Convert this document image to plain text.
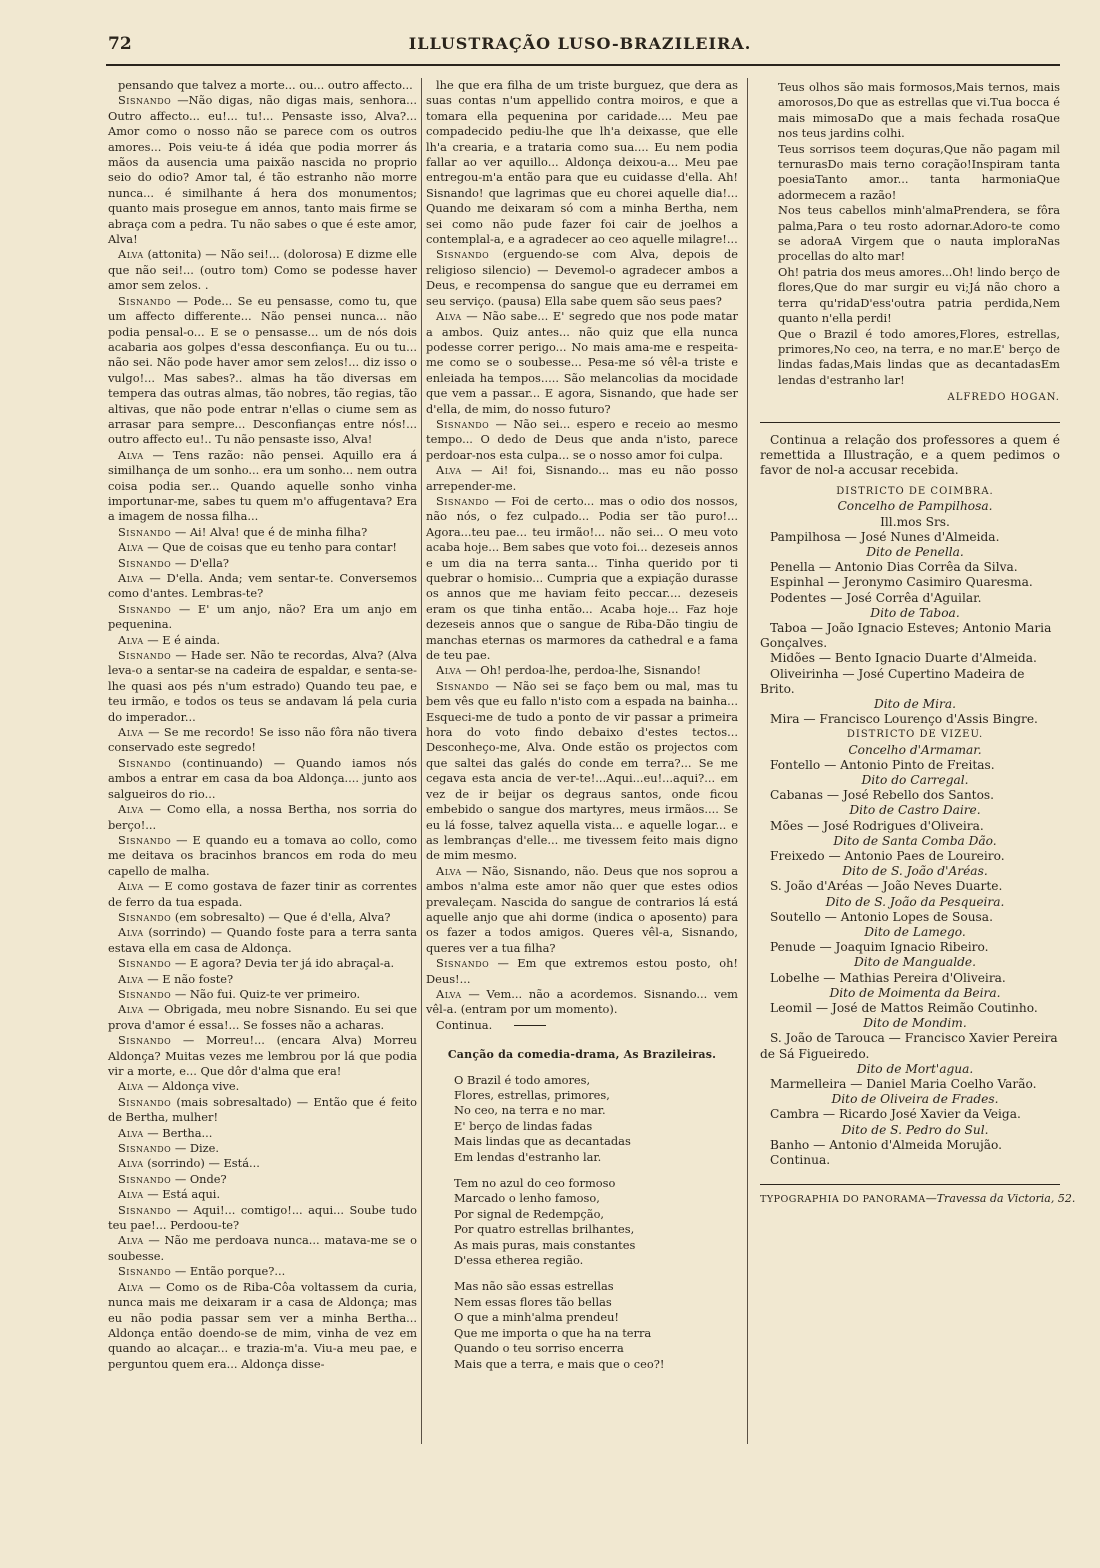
72	ILLUSTRAÇÃO LUSO-BRAZILEIRA.

pensando que talvez a morte... ou... outro affecto...

Sisnando —Não digas, não digas mais, senhora... Outro affecto... eu!... tu!... Pensaste isso, Alva?... Amor como o nosso não se parece com os outros amores... Pois veiu-te á idéa que podia morrer ás mãos da ausencia uma paixão nascida no proprio seio do odio? Amor tal, é tão estranho não morre nunca... é similhante á hera dos monumentos; quanto mais prosegue em annos, tanto mais firme se abraça com a pedra. Tu não sabes o que é este amor, Alva!

Alva (attonita) — Não sei!... (dolorosa) E dizme elle que não sei!... (outro tom) Como se podesse haver amor sem zelos. .

Sisnando — Pode... Se eu pensasse, como tu, que um affecto differente... Não pensei nunca... não podia pensal-o... E se o pensasse... um de nós dois acabaria aos golpes d'essa desconfiança. Eu ou tu... não sei. Não pode haver amor sem zelos!... diz isso o vulgo!... Mas sabes?.. almas ha tão diversas em tempera das outras almas, tão nobres, tão regias, tão altivas, que não pode entrar n'ellas o ciume sem as arrasar para sempre... Desconfianças entre nós!... outro affecto eu!.. Tu não pensaste isso, Alva!

Alva — Tens razão: não pensei. Aquillo era á similhança de um sonho... era um sonho... nem outra coisa podia ser... Quando aquelle sonho vinha importunar-me, sabes tu quem m'o affugentava? Era a imagem de nossa filha...

Sisnando — Ai! Alva! que é de minha filha?

Alva — Que de coisas que eu tenho para contar!

Sisnando — D'ella?

Alva — D'ella. Anda; vem sentar-te. Conversemos como d'antes. Lembras-te?

Sisnando — E' um anjo, não? Era um anjo em pequenina.

Alva — E é ainda.

Sisnando — Hade ser. Não te recordas, Alva? (Alva leva-o a sentar-se na cadeira de espaldar, e senta-se-lhe quasi aos pés n'um estrado) Quando teu pae, e teu irmão, e todos os teus se andavam lá pela curia do imperador...

Alva — Se me recordo! Se isso não fôra não tivera conservado este segredo!

Sisnando (continuando) — Quando iamos nós ambos a entrar em casa da boa Aldonça.... junto aos salgueiros do rio...

Alva — Como ella, a nossa Bertha, nos sorria do berço!...

Sisnando — E quando eu a tomava ao collo, como me deitava os bracinhos brancos em roda do meu capello de malha.

Alva — E como gostava de fazer tinir as correntes de ferro da tua espada.

Sisnando (em sobresalto) — Que é d'ella, Alva?

Alva (sorrindo) — Quando foste para a terra santa estava ella em casa de Aldonça.

Sisnando — E agora? Devia ter já ido abraçal-a.

Alva — E não foste?

Sisnando — Não fui. Quiz-te ver primeiro.

Alva — Obrigada, meu nobre Sisnando. Eu sei que prova d'amor é essa!... Se fosses não a acharas.

Sisnando — Morreu!... (encara Alva) Morreu Aldonça? Muitas vezes me lembrou por lá que podia vir a morte, e... Que dôr d'alma que era!

Alva — Aldonça vive.

Sisnando (mais sobresaltado) — Então que é feito de Bertha, mulher!

Alva — Bertha...

Sisnando — Dize.

Alva (sorrindo) — Está...

Sisnando — Onde?

Alva — Está aqui.

Sisnando — Aqui!... comtigo!... aqui... Soube tudo teu pae!... Perdoou-te?

Alva — Não me perdoava nunca... matava-me se o soubesse.

Sisnando — Então porque?...

Alva — Como os de Riba-Côa voltassem da curia, nunca mais me deixaram ir a casa de Aldonça; mas eu não podia passar sem ver a minha Bertha... Aldonça então doendo-se de mim, vinha de vez em quando ao alcaçar... e trazia-m'a. Viu-a meu pae, e perguntou quem era... Aldonça disse-

lhe que era filha de um triste burguez, que dera as suas contas n'um appellido contra moiros, e que a tomara ella pequenina por caridade.... Meu pae compadecido pediu-lhe que lh'a deixasse, que elle lh'a crearia, e a trataria como sua.... Eu nem podia fallar ao ver aquillo... Aldonça deixou-a... Meu pae entregou-m'a então para que eu cuidasse d'ella. Ah! Sisnando! que lagrimas que eu chorei aquelle dia!... Quando me deixaram só com a minha Bertha, nem sei como não pude fazer foi cair de joelhos a contemplal-a, e a agradecer ao ceo aquelle milagre!...

Sisnando (erguendo-se com Alva, depois de religioso silencio) — Devemol-o agradecer ambos a Deus, e recompensa do sangue que eu derramei em seu serviço. (pausa) Ella sabe quem são seus paes?

Alva — Não sabe... E' segredo que nos pode matar a ambos. Quiz antes... não quiz que ella nunca podesse correr perigo... No mais ama-me e respeita-me como se o soubesse... Pesa-me só vêl-a triste e enleiada ha tempos..... São melancolias da mocidade que vem a passar... E agora, Sisnando, que hade ser d'ella, de mim, do nosso futuro?

Sisnando — Não sei... espero e receio ao mesmo tempo... O dedo de Deus que anda n'isto, parece perdoar-nos esta culpa... se o nosso amor foi culpa.

Alva — Ai! foi, Sisnando... mas eu não posso arrepender-me.

Sisnando — Foi de certo... mas o odio dos nossos, não nós, o fez culpado... Podia ser tão puro!... Agora...teu pae... teu irmão!... não sei... O meu voto acaba hoje... Bem sabes que voto foi... dezeseis annos e um dia na terra santa... Tinha querido por ti quebrar o homisio... Cumpria que a expiação durasse os annos que me haviam feito peccar.... dezeseis eram os que tinha então... Acaba hoje... Faz hoje dezeseis annos que o sangue de Riba-Dão tingiu de manchas eternas os marmores da cathedral e a fama de teu pae.

Alva — Oh! perdoa-lhe, perdoa-lhe, Sisnando!

Sisnando — Não sei se faço bem ou mal, mas tu bem vês que eu fallo n'isto com a espada na bainha... Esqueci-me de tudo a ponto de vir passar a primeira hora do voto findo debaixo d'estes tectos... Desconheço-me, Alva. Onde estão os projectos com que saltei das galés do conde em terra?... Se me cegava esta ancia de ver-te!...Aqui...eu!...aqui?... em vez de ir beijar os degraus santos, onde ficou embebido o sangue dos martyres, meus irmãos.... Se eu lá fosse, talvez aquella vista... e aquelle logar... e as lembranças d'elle... me tivessem feito mais digno de mim mesmo.

Alva — Não, Sisnando, não. Deus que nos soprou a ambos n'alma este amor não quer que estes odios prevaleçam. Nascida do sangue de contrarios lá está aquelle anjo que ahi dorme (indica o aposento) para os fazer a todos amigos. Queres vêl-a, Sisnando, queres ver a tua filha?

Sisnando — Em que extremos estou posto, oh! Deus!...

Alva — Vem... não a acordemos. Sisnando... vem vêl-a. (entram por um momento).

Continua.

Canção da comedia-drama, As Brazileiras.
O Brazil é todo amores,
Flores, estrellas, primores,
No ceo, na terra e no mar.
E' berço de lindas fadas
Mais lindas que as decantadas
Em lendas d'estranho lar.
Tem no azul do ceo formoso
Marcado o lenho famoso,
Por signal de Redempção,
Por quatro estrellas brilhantes,
As mais puras, mais constantes
D'essa etherea região.
Mas não são essas estrellas
Nem essas flores tão bellas
O que a minh'alma prendeu!
Que me importa o que ha na terra
Quando o teu sorriso encerra
Mais que a terra, e mais que o ceo?!
Teus olhos são mais formosos,Mais ternos, mais amorosos,Do que as estrellas que vi.Tua bocca é mais mimosaDo que a mais fechada rosaQue nos teus jardins colhi.
Teus sorrisos teem doçuras,Que não pagam mil ternurasDo mais terno coração!Inspiram tanta poesiaTanto amor... tanta harmoniaQue adormecem a razão!
Nos teus cabellos minh'almaPrendera, se fôra palma,Para o teu rosto adornar.Adoro-te como se adoraA Virgem que o nauta imploraNas procellas do alto mar!
Oh! patria dos meus amores...Oh! lindo berço de flores,Que do mar surgir eu vi;Já não choro a terra qu'ridaD'ess'outra patria perdida,Nem quanto n'ella perdi!
Que o Brazil é todo amores,Flores, estrellas, primores,No ceo, na terra, e no mar.E' berço de lindas fadas,Mais lindas que as decantadasEm lendas d'estranho lar!
ALFREDO HOGAN.

Continua a relação dos professores a quem é remettida a Illustração, e a quem pedimos o favor de nol-a accusar recebida.

DISTRICTO DE COIMBRA.

Concelho de Pampilhosa.

Ill.mos Srs.

Pampilhosa — José Nunes d'Almeida.

Dito de Penella.

Penella — Antonio Dias Corrêa da Silva.

Espinhal — Jeronymo Casimiro Quaresma.

Podentes — José Corrêa d'Aguilar.

Dito de Taboa.

Taboa — João Ignacio Esteves; Antonio Maria Gonçalves.

Midões — Bento Ignacio Duarte d'Almeida.

Oliveirinha — José Cupertino Madeira de Brito.

Dito de Mira.

Mira — Francisco Lourenço d'Assis Bingre.

DISTRICTO DE VIZEU.

Concelho d'Armamar.

Fontello — Antonio Pinto de Freitas.

Dito do Carregal.

Cabanas — José Rebello dos Santos.

Dito de Castro Daire.

Mões — José Rodrigues d'Oliveira.

Dito de Santa Comba Dão.

Freixedo — Antonio Paes de Loureiro.

Dito de S. João d'Aréas.

S. João d'Aréas — João Neves Duarte.

Dito de S. João da Pesqueira.

Soutello — Antonio Lopes de Sousa.

Dito de Lamego.

Penude — Joaquim Ignacio Ribeiro.

Dito de Mangualde.

Lobelhe — Mathias Pereira d'Oliveira.

Dito de Moimenta da Beira.

Leomil — José de Mattos Reimão Coutinho.

Dito de Mondim.

S. João de Tarouca — Francisco Xavier Pereira de Sá Figueiredo.

Dito de Mort'agua.

Marmelleira — Daniel Maria Coelho Varão.

Dito de Oliveira de Frades.

Cambra — Ricardo José Xavier da Veiga.

Dito de S. Pedro do Sul.

Banho — Antonio d'Almeida Morujão.

Continua.

TYPOGRAPHIA DO PANORAMA—Travessa da Victoria, 52.
